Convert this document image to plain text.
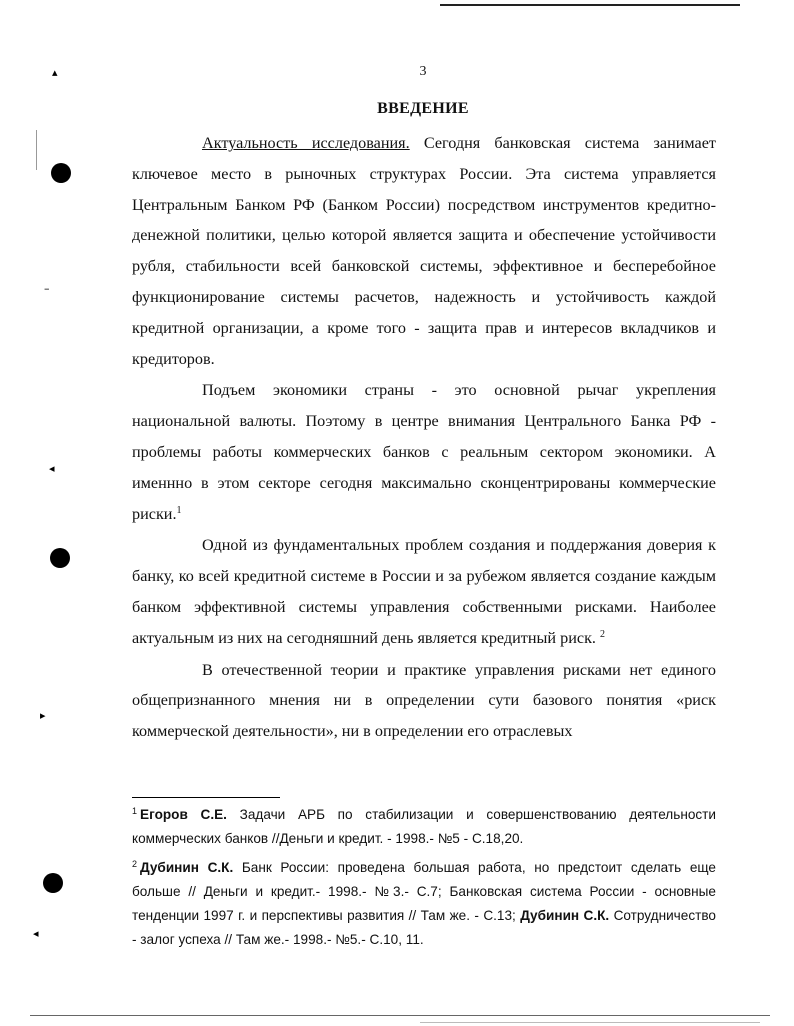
▴
–
◂
▸
◂
3
ВВЕДЕНИЕ

Актуальность исследования. Сегодня банковская система занимает ключевое место в рыночных структурах России. Эта система управляется Центральным Банком РФ (Банком России) посредством инструментов кредитно-денежной политики, целью которой является защита и обеспечение устойчивости рубля, стабильности всей банковской системы, эффективное и бесперебойное функционирование системы расчетов, надежность и устойчивость каждой кредитной организации, а кроме того - защита прав и интересов вкладчиков и кредиторов.

Подъем экономики страны - это основной рычаг укрепления национальной валюты. Поэтому в центре внимания Центрального Банка РФ - проблемы работы коммерческих банков с реальным сектором экономики. А именнно в этом секторе сегодня максимально сконцентрированы коммерческие риски.$^1$

Одной из фундаментальных проблем создания и поддержания доверия к банку, ко всей кредитной системе в России и за рубежом является создание каждым банком эффективной системы управления собственными рисками. Наиболее актуальным из них на сегодняшний день является кредитный риск. $^2$

В отечественной теории и практике управления рисками нет единого общепризнанного мнения ни в определении сути базового понятия «риск коммерческой деятельности», ни в определении его отраслевых

$^1$ Егоров С.Е. Задачи АРБ по стабилизации и совершенствованию деятельности коммерческих банков //Деньги и кредит. - 1998.- №5 - С.18,20.

$^2$ Дубинин С.К. Банк России: проведена большая работа, но предстоит сделать еще больше // Деньги и кредит.- 1998.- №3.- С.7; Банковская система России - основные тенденции 1997 г. и перспективы развития // Там же. - С.13; Дубинин С.К. Сотрудничество - залог успеха // Там же.- 1998.- №5.- С.10, 11.
